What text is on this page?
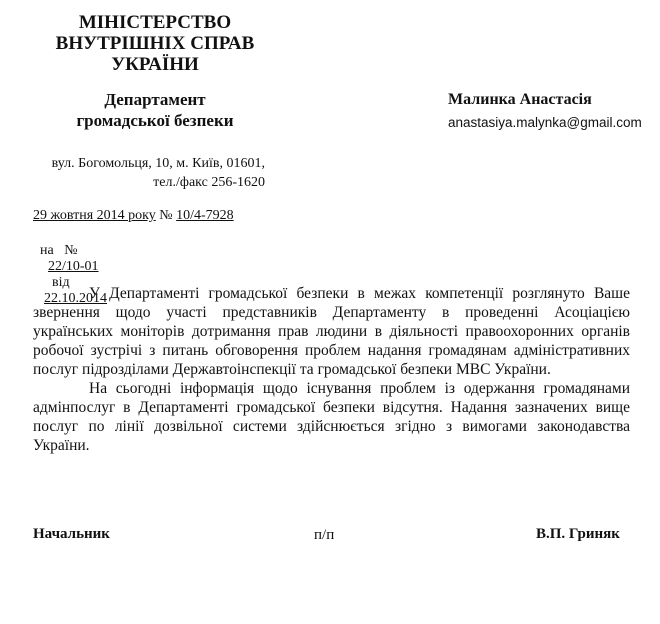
МІНІСТЕРСТВО
ВНУТРІШНІХ СПРАВ
УКРАЇНИ
Департамент
громадської безпеки
Малинка Анастасія
anastasiya.malynka@gmail.com
вул. Богомольця, 10, м. Київ, 01601,
тел./факс 256-1620
29 жовтня 2014 року № 10/4-7928

на   №
22/10-01
від
22.10.2014

У Департаменті громадської безпеки в межах компетенції розглянуто Ваше звернення щодо участі представників Департаменту в проведенні Асоціацією українських моніторів дотримання прав людини в діяльності правоохоронних органів робочої зустрічі з питань обговорення проблем надання громадянам адміністративних послуг підрозділами Державтоінспекції та громадської безпеки МВС України.

На сьогодні інформація щодо існування проблем із одержання громадянами адмінпослуг в Департаменті громадської безпеки відсутня. Надання зазначених вище послуг по лінії дозвільної системи здійснюється згідно з вимогами законодавства України.

Начальник	п/п	В.П. Гриняк
